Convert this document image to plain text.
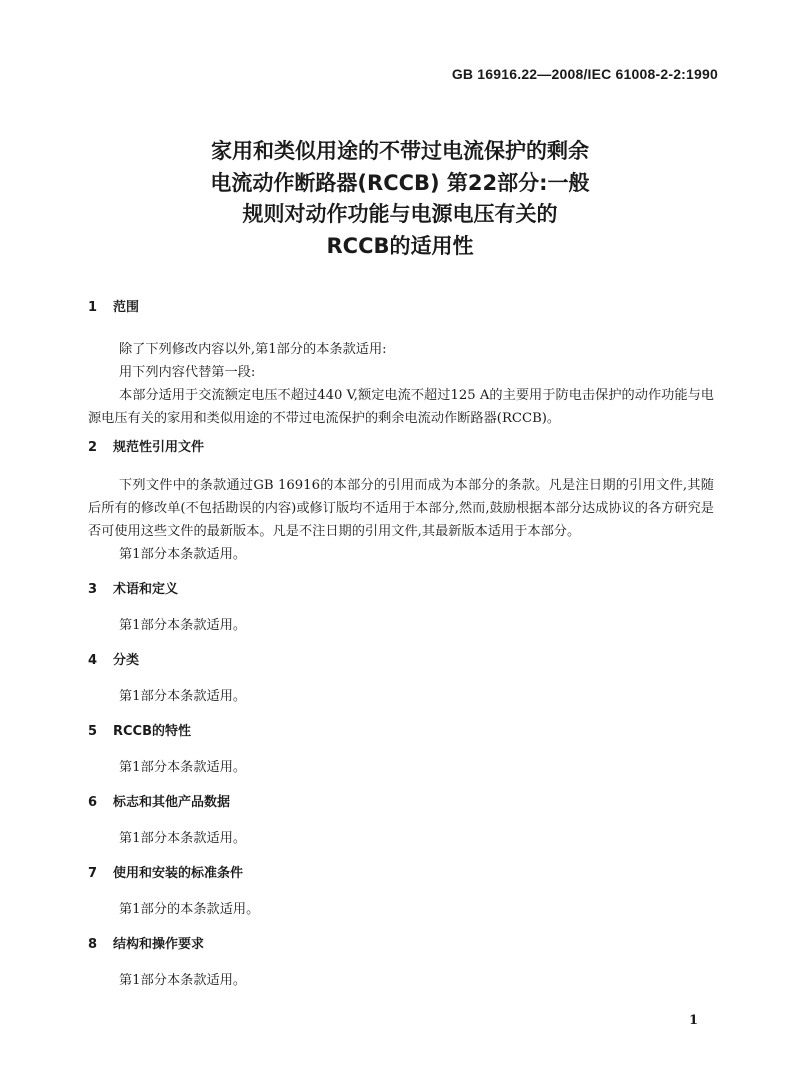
GB 16916.22—2008/IEC 61008-2-2:1990
家用和类似用途的不带过电流保护的剩余
电流动作断路器(RCCB) 第22部分:一般
规则对动作功能与电源电压有关的
RCCB的适用性
1	范围

除了下列修改内容以外,第1部分的本条款适用:

用下列内容代替第一段:

本部分适用于交流额定电压不超过440 V,额定电流不超过125 A的主要用于防电击保护的动作功能与电源电压有关的家用和类似用途的不带过电流保护的剩余电流动作断路器(RCCB)。

2	规范性引用文件

下列文件中的条款通过GB 16916的本部分的引用而成为本部分的条款。凡是注日期的引用文件,其随后所有的修改单(不包括勘误的内容)或修订版均不适用于本部分,然而,鼓励根据本部分达成协议的各方研究是否可使用这些文件的最新版本。凡是不注日期的引用文件,其最新版本适用于本部分。

第1部分本条款适用。

3	术语和定义

第1部分本条款适用。

4	分类

第1部分本条款适用。

5	RCCB的特性

第1部分本条款适用。

6	标志和其他产品数据

第1部分本条款适用。

7	使用和安装的标准条件

第1部分的本条款适用。

8	结构和操作要求

第1部分本条款适用。

1
